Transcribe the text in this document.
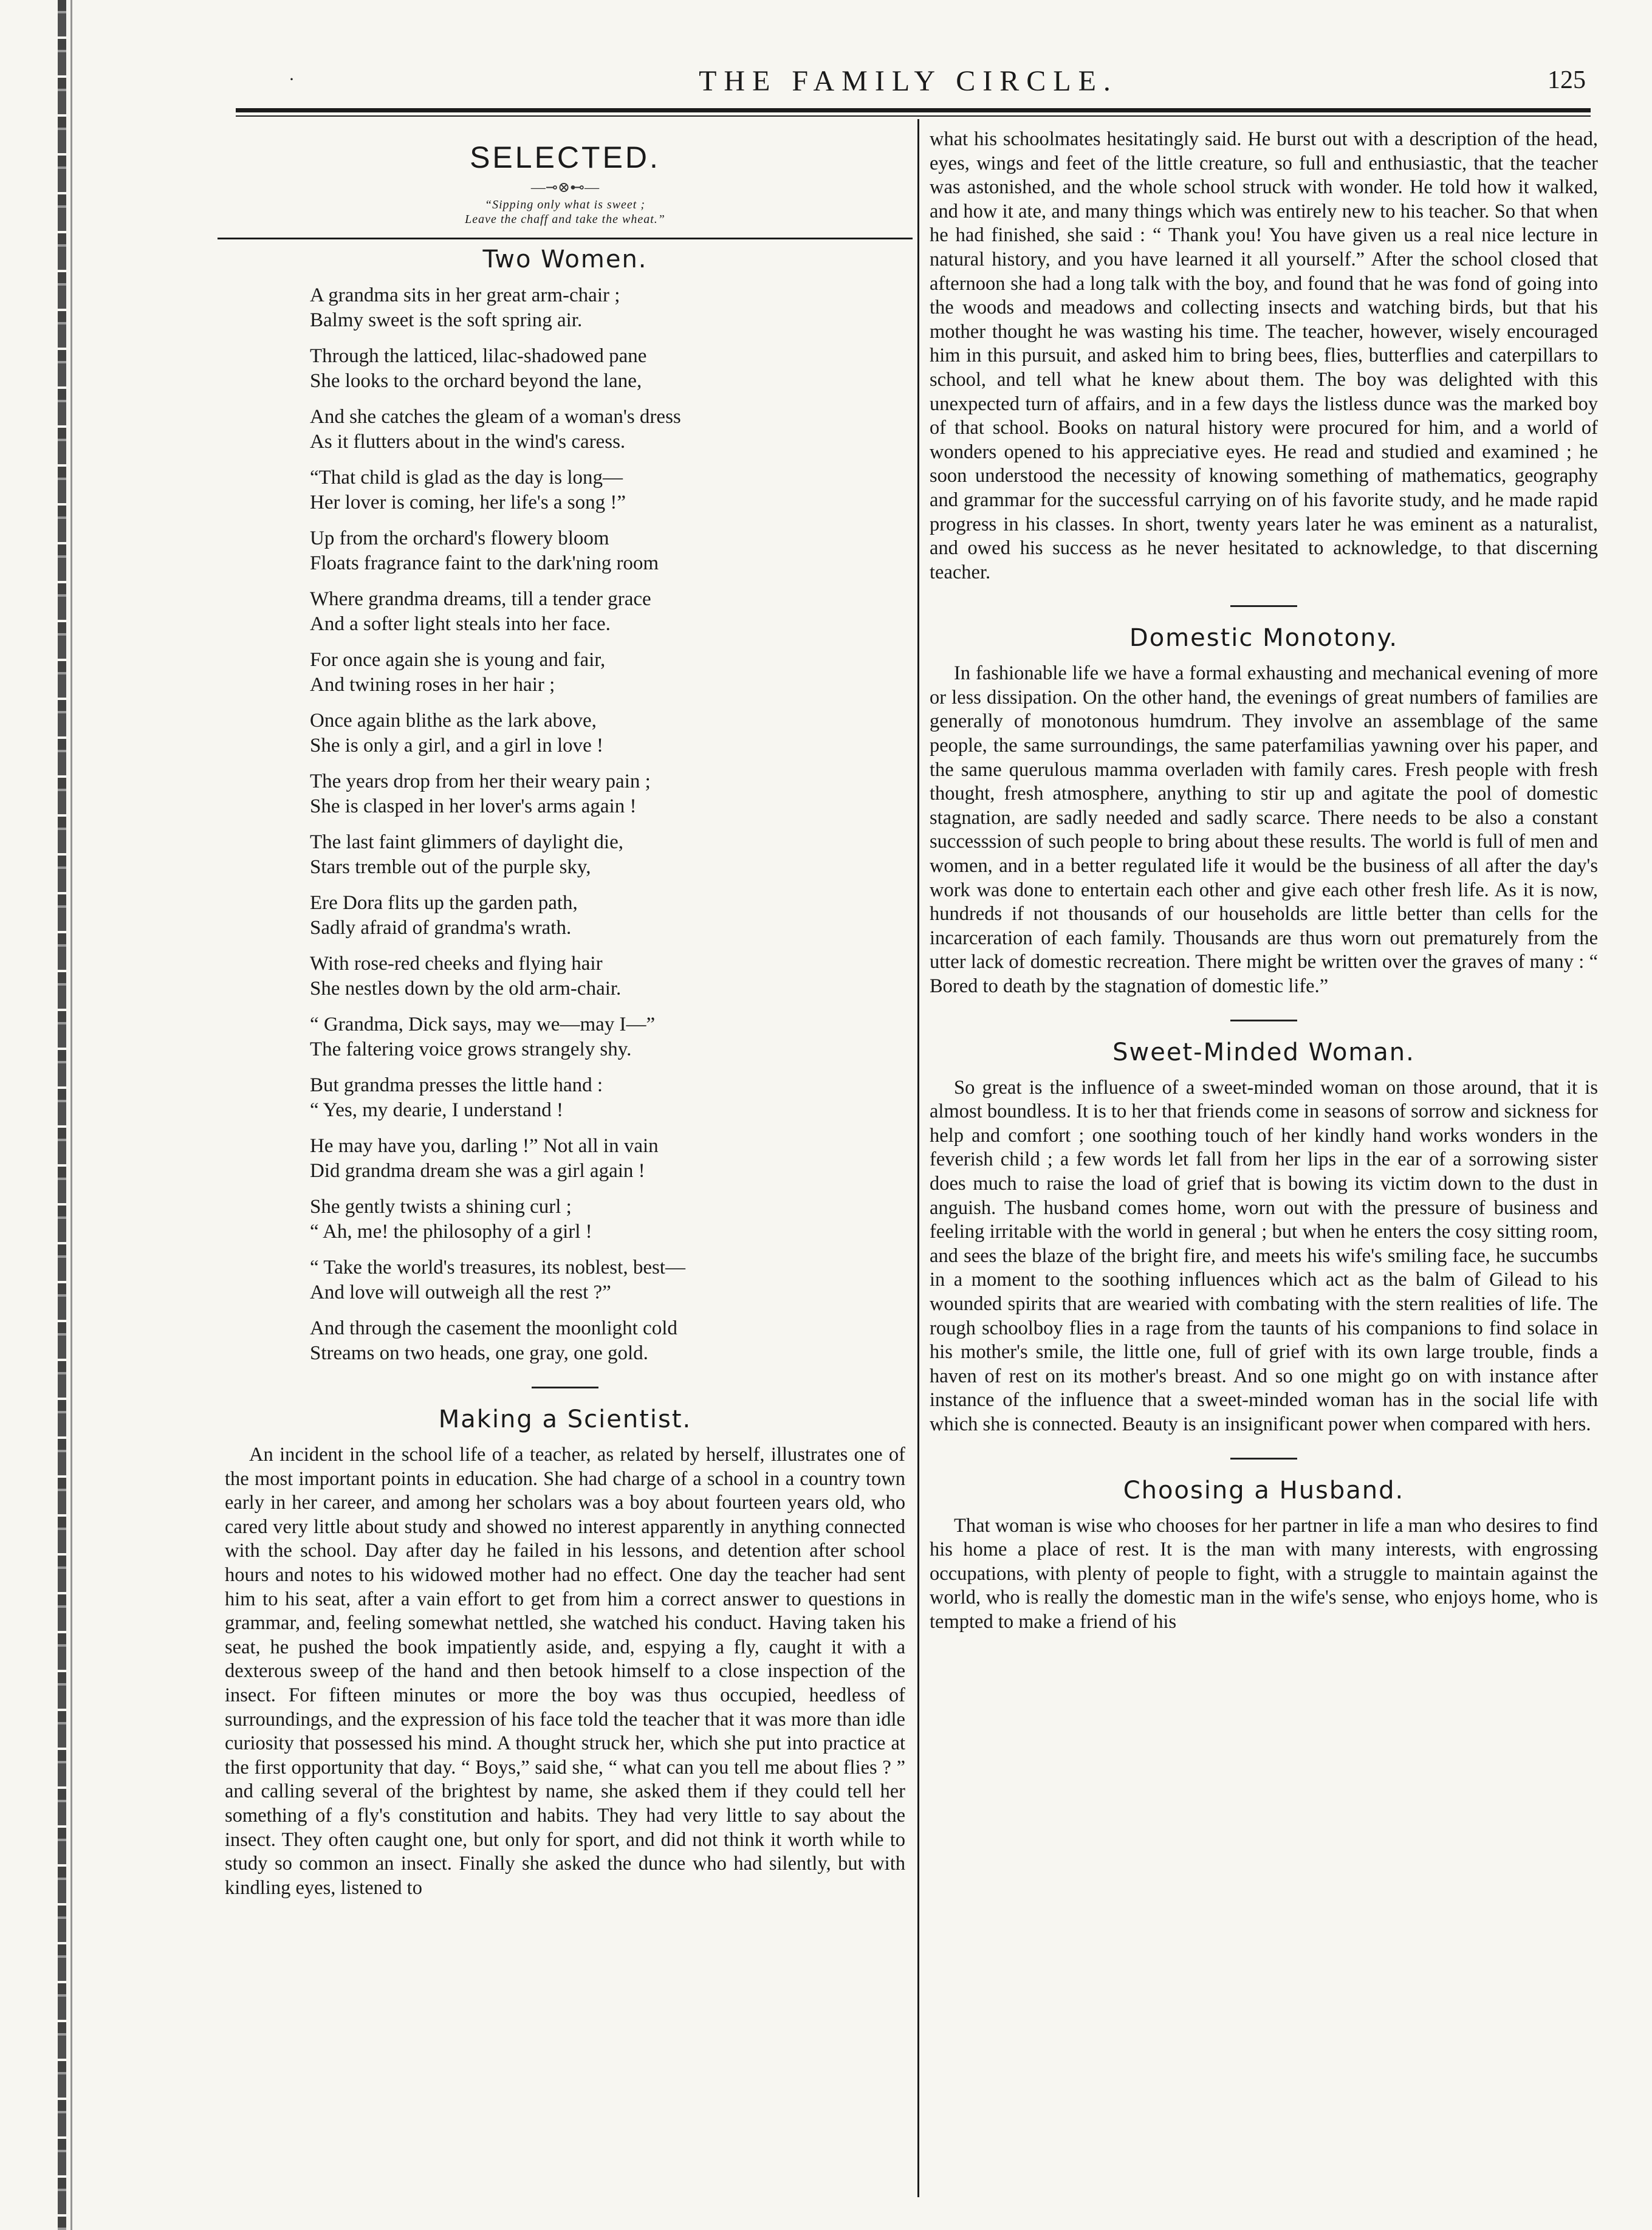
·	THE FAMILY CIRCLE.	125
SELECTED.
—⊸⊗⊷—
“Sipping only what is sweet ;
Leave the chaff and take the wheat.”
Two Women.
A grandma sits in her great arm-chair ;
Balmy sweet is the soft spring air.
Through the latticed, lilac-shadowed pane
She looks to the orchard beyond the lane,
And she catches the gleam of a woman's dress
As it flutters about in the wind's caress.
“That child is glad as the day is long—
Her lover is coming, her life's a song !”
Up from the orchard's flowery bloom
Floats fragrance faint to the dark'ning room
Where grandma dreams, till a tender grace
And a softer light steals into her face.
For once again she is young and fair,
And twining roses in her hair ;
Once again blithe as the lark above,
She is only a girl, and a girl in love !
The years drop from her their weary pain ;
She is clasped in her lover's arms again !
The last faint glimmers of daylight die,
Stars tremble out of the purple sky,
Ere Dora flits up the garden path,
Sadly afraid of grandma's wrath.
With rose-red cheeks and flying hair
She nestles down by the old arm-chair.
“ Grandma, Dick says, may we—may I—”
The faltering voice grows strangely shy.
But grandma presses the little hand :
“ Yes, my dearie, I understand !
He may have you, darling !” Not all in vain
Did grandma dream she was a girl again !
She gently twists a shining curl ;
“ Ah, me! the philosophy of a girl !
“ Take the world's treasures, its noblest, best—
And love will outweigh all the rest ?”
And through the casement the moonlight cold
Streams on two heads, one gray, one gold.
Making a Scientist.

An incident in the school life of a teacher, as related by herself, illustrates one of the most important points in education. She had charge of a school in a country town early in her career, and among her scholars was a boy about fourteen years old, who cared very little about study and showed no interest apparently in anything connected with the school. Day after day he failed in his lessons, and detention after school hours and notes to his widowed mother had no effect. One day the teacher had sent him to his seat, after a vain effort to get from him a correct answer to questions in grammar, and, feeling somewhat nettled, she watched his conduct. Having taken his seat, he pushed the book impatiently aside, and, espying a fly, caught it with a dexterous sweep of the hand and then betook himself to a close inspection of the insect. For fifteen minutes or more the boy was thus occupied, heedless of surroundings, and the expression of his face told the teacher that it was more than idle curiosity that possessed his mind. A thought struck her, which she put into practice at the first opportunity that day. “ Boys,” said she, “ what can you tell me about flies ? ” and calling several of the brightest by name, she asked them if they could tell her something of a fly's constitution and habits. They had very little to say about the insect. They often caught one, but only for sport, and did not think it worth while to study so common an insect. Finally she asked the dunce who had silently, but with kindling eyes, listened to

what his schoolmates hesitatingly said. He burst out with a description of the head, eyes, wings and feet of the little creature, so full and enthusiastic, that the teacher was astonished, and the whole school struck with wonder. He told how it walked, and how it ate, and many things which was entirely new to his teacher. So that when he had finished, she said : “ Thank you! You have given us a real nice lecture in natural history, and you have learned it all yourself.” After the school closed that afternoon she had a long talk with the boy, and found that he was fond of going into the woods and meadows and collecting insects and watching birds, but that his mother thought he was wasting his time. The teacher, however, wisely encouraged him in this pursuit, and asked him to bring bees, flies, butterflies and caterpillars to school, and tell what he knew about them. The boy was delighted with this unexpected turn of affairs, and in a few days the listless dunce was the marked boy of that school. Books on natural history were procured for him, and a world of wonders opened to his appreciative eyes. He read and studied and examined ; he soon understood the necessity of knowing something of mathematics, geography and grammar for the successful carrying on of his favorite study, and he made rapid progress in his classes. In short, twenty years later he was eminent as a naturalist, and owed his success as he never hesitated to acknowledge, to that discerning teacher.

Domestic Monotony.

In fashionable life we have a formal exhausting and mechanical evening of more or less dissipation. On the other hand, the evenings of great numbers of families are generally of monotonous humdrum. They involve an assemblage of the same people, the same surroundings, the same paterfamilias yawning over his paper, and the same querulous mamma overladen with family cares. Fresh people with fresh thought, fresh atmosphere, anything to stir up and agitate the pool of domestic stagnation, are sadly needed and sadly scarce. There needs to be also a constant successsion of such people to bring about these results. The world is full of men and women, and in a better regulated life it would be the business of all after the day's work was done to entertain each other and give each other fresh life. As it is now, hundreds if not thousands of our households are little better than cells for the incarceration of each family. Thousands are thus worn out prematurely from the utter lack of domestic recreation. There might be written over the graves of many : “ Bored to death by the stagnation of domestic life.”

Sweet-Minded Woman.

So great is the influence of a sweet-minded woman on those around, that it is almost boundless. It is to her that friends come in seasons of sorrow and sickness for help and comfort ; one soothing touch of her kindly hand works wonders in the feverish child ; a few words let fall from her lips in the ear of a sorrowing sister does much to raise the load of grief that is bowing its victim down to the dust in anguish. The husband comes home, worn out with the pressure of business and feeling irritable with the world in general ; but when he enters the cosy sitting room, and sees the blaze of the bright fire, and meets his wife's smiling face, he succumbs in a moment to the soothing influences which act as the balm of Gilead to his wounded spirits that are wearied with combating with the stern realities of life. The rough schoolboy flies in a rage from the taunts of his companions to find solace in his mother's smile, the little one, full of grief with its own large trouble, finds a haven of rest on its mother's breast. And so one might go on with instance after instance of the influence that a sweet-minded woman has in the social life with which she is connected. Beauty is an insignificant power when compared with hers.

Choosing a Husband.

That woman is wise who chooses for her partner in life a man who desires to find his home a place of rest. It is the man with many interests, with engrossing occupations, with plenty of people to fight, with a struggle to maintain against the world, who is really the domestic man in the wife's sense, who enjoys home, who is tempted to make a friend of his
